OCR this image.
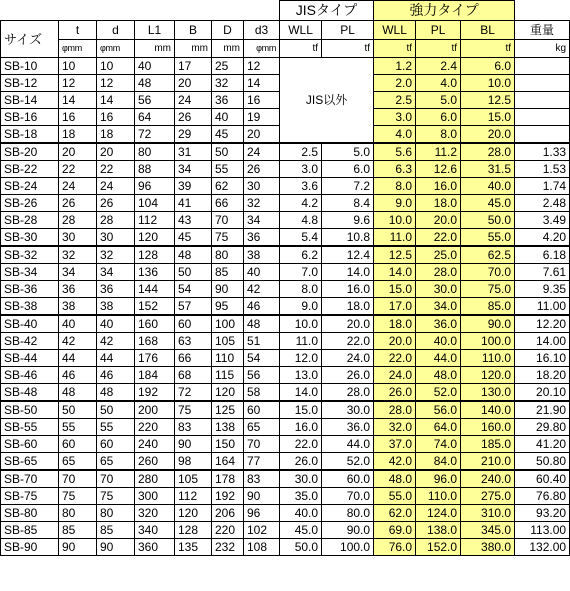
							JISタイプ		強力タイプ			
サイズ	t	d	L1	B	D	d3	WLL	PL	WLL	PL	BL	重量
	φmm	φmm	mm	mm	mm	φmm	tf	tf	tf	tf	tf	kg
SB-10	10	10	40	17	25	12	JIS以外		1.2	2.4	6.0	
SB-12	12	12	48	20	32	14			2.0	4.0	10.0	
SB-14	14	14	56	24	36	16			2.5	5.0	12.5	
SB-16	16	16	64	26	40	19			3.0	6.0	15.0	
SB-18	18	18	72	29	45	20			4.0	8.0	20.0	
SB-20	20	20	80	31	50	24	2.5	5.0	5.6	11.2	28.0	1.33
SB-22	22	22	88	34	55	26	3.0	6.0	6.3	12.6	31.5	1.53
SB-24	24	24	96	39	62	30	3.6	7.2	8.0	16.0	40.0	1.74
SB-26	26	26	104	41	66	32	4.2	8.4	9.0	18.0	45.0	2.48
SB-28	28	28	112	43	70	34	4.8	9.6	10.0	20.0	50.0	3.49
SB-30	30	30	120	45	75	36	5.4	10.8	11.0	22.0	55.0	4.20
SB-32	32	32	128	48	80	38	6.2	12.4	12.5	25.0	62.5	6.18
SB-34	34	34	136	50	85	40	7.0	14.0	14.0	28.0	70.0	7.61
SB-36	36	36	144	54	90	42	8.0	16.0	15.0	30.0	75.0	9.35
SB-38	38	38	152	57	95	46	9.0	18.0	17.0	34.0	85.0	11.00
SB-40	40	40	160	60	100	48	10.0	20.0	18.0	36.0	90.0	12.20
SB-42	42	42	168	63	105	51	11.0	22.0	20.0	40.0	100.0	14.00
SB-44	44	44	176	66	110	54	12.0	24.0	22.0	44.0	110.0	16.10
SB-46	46	46	184	68	115	56	13.0	26.0	24.0	48.0	120.0	18.20
SB-48	48	48	192	72	120	58	14.0	28.0	26.0	52.0	130.0	20.10
SB-50	50	50	200	75	125	60	15.0	30.0	28.0	56.0	140.0	21.90
SB-55	55	55	220	83	138	65	16.0	36.0	32.0	64.0	160.0	29.80
SB-60	60	60	240	90	150	70	22.0	44.0	37.0	74.0	185.0	41.20
SB-65	65	65	260	98	164	77	26.0	52.0	42.0	84.0	210.0	50.80
SB-70	70	70	280	105	178	83	30.0	60.0	48.0	96.0	240.0	60.40
SB-75	75	75	300	112	192	90	35.0	70.0	55.0	110.0	275.0	76.80
SB-80	80	80	320	120	206	96	40.0	80.0	62.0	124.0	310.0	93.20
SB-85	85	85	340	128	220	102	45.0	90.0	69.0	138.0	345.0	113.00
SB-90	90	90	360	135	232	108	50.0	100.0	76.0	152.0	380.0	132.00
